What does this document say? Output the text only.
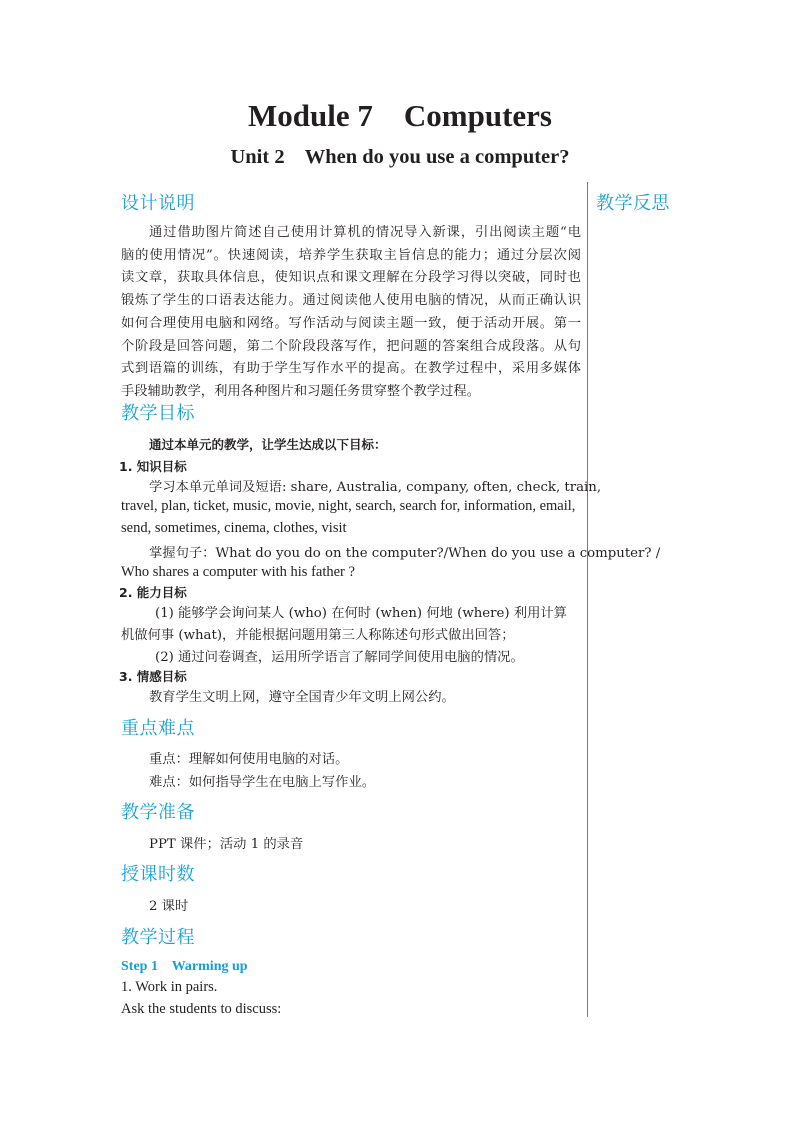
Module 7    Computers
Unit 2    When do you use a computer?
教学反思
设计说明
通过借助图片简述自己使用计算机的情况导入新课，引出阅读主题“电
脑的使用情况”。快速阅读，培养学生获取主旨信息的能力；通过分层次阅
读文章，获取具体信息，使知识点和课文理解在分段学习得以突破，同时也
锻炼了学生的口语表达能力。通过阅读他人使用电脑的情况，从而正确认识
如何合理使用电脑和网络。写作活动与阅读主题一致，便于活动开展。第一
个阶段是回答问题，第二个阶段段落写作，把问题的答案组合成段落。从句
式到语篇的训练，有助于学生写作水平的提高。在教学过程中，采用多媒体
手段辅助教学，利用各种图片和习题任务贯穿整个教学过程。
教学目标
通过本单元的教学，让学生达成以下目标：
1. 知识目标
学习本单元单词及短语: share, Australia, company, often, check, train,
travel, plan, ticket, music, movie, night, search, search for, information, email,
send, sometimes, cinema, clothes, visit
掌握句子：What do you do on the computer?/When do you use a computer? /
Who shares a computer with his father ?
2. 能力目标
(1) 能够学会询问某人 (who) 在何时 (when) 何地 (where) 利用计算
机做何事 (what)，并能根据问题用第三人称陈述句形式做出回答；
(2) 通过问卷调查，运用所学语言了解同学间使用电脑的情况。
3. 情感目标
教育学生文明上网，遵守全国青少年文明上网公约。
重点难点
重点：理解如何使用电脑的对话。
难点：如何指导学生在电脑上写作业。
教学准备
PPT 课件；活动 1 的录音
授课时数
2 课时
教学过程
Step 1    Warming up
1. Work in pairs.
Ask the students to discuss:
